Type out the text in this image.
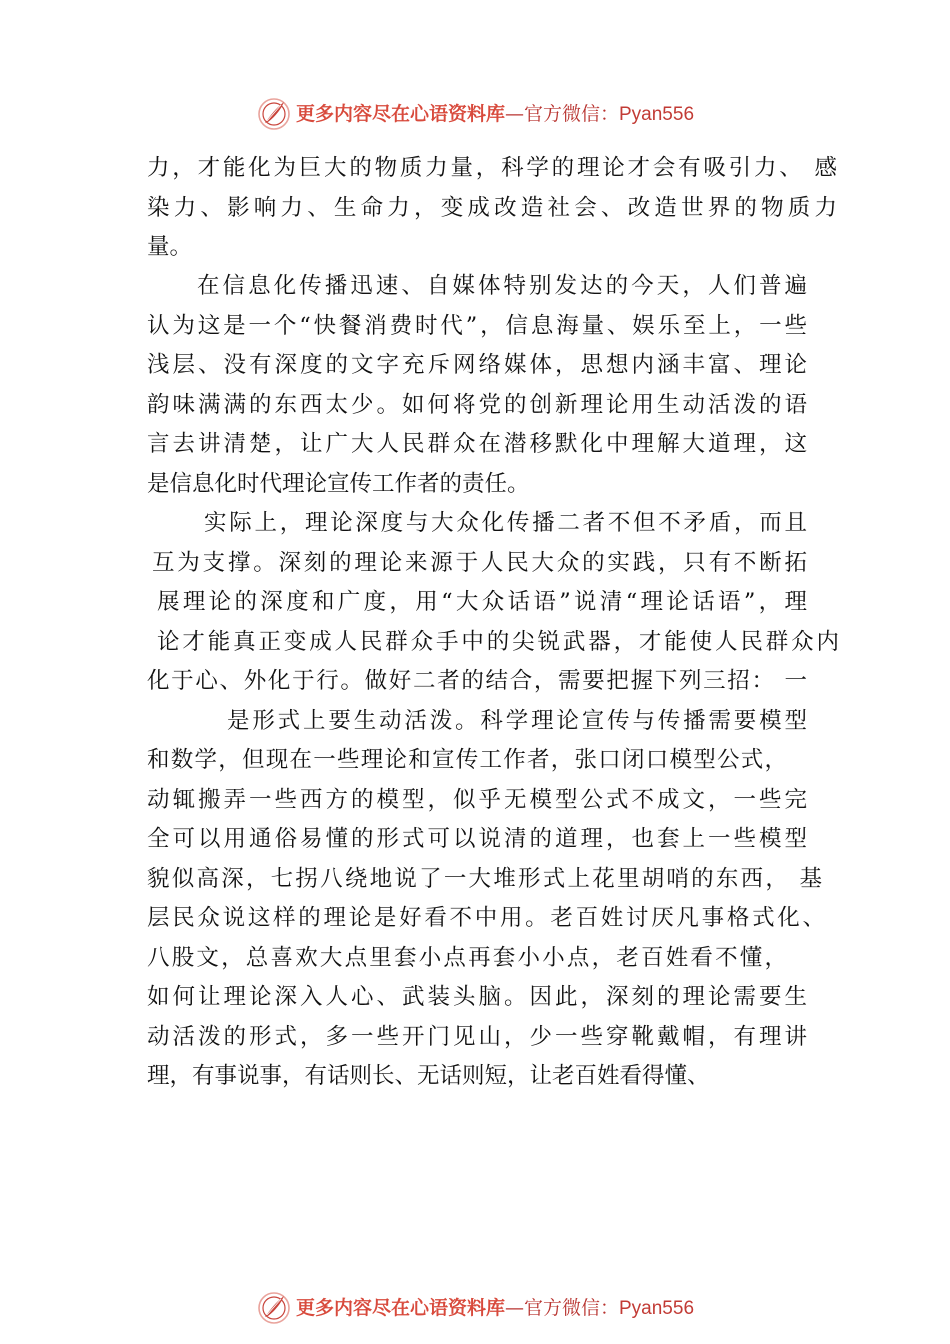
更多内容尽在心语资料库 — 官方微信： Pyan556
力，才能化为巨大的物质力量，科学的理论才会有吸引力、 感
染力、影响力、生命力，变成改造社会、改造世界的物质力
量。
在信息化传播迅速、自媒体特别发达的今天，人们普遍
认为这是一个“快餐消费时代”，信息海量、娱乐至上，一些
浅层、没有深度的文字充斥网络媒体，思想内涵丰富、理论
韵味满满的东西太少。如何将党的创新理论用生动活泼的语
言去讲清楚，让广大人民群众在潜移默化中理解大道理，这
是信息化时代理论宣传工作者的责任。
实际上，理论深度与大众化传播二者不但不矛盾，而且
互为支撑。深刻的理论来源于人民大众的实践，只有不断拓
展理论的深度和广度，用“大众话语”说清“理论话语”，理
论才能真正变成人民群众手中的尖锐武器，才能使人民群众内
化于心、外化于行。做好二者的结合，需要把握下列三招： 一
是形式上要生动活泼。科学理论宣传与传播需要模型
和数学，但现在一些理论和宣传工作者，张口闭口模型公式，
动辄搬弄一些西方的模型，似乎无模型公式不成文，一些完
全可以用通俗易懂的形式可以说清的道理，也套上一些模型
貌似高深，七拐八绕地说了一大堆形式上花里胡哨的东西， 基
层民众说这样的理论是好看不中用。老百姓讨厌凡事格式化、
八股文，总喜欢大点里套小点再套小小点，老百姓看不懂，
如何让理论深入人心、武装头脑。因此，深刻的理论需要生
动活泼的形式，多一些开门见山，少一些穿靴戴帽，有理讲
理，有事说事，有话则长、无话则短，让老百姓看得懂、
更多内容尽在心语资料库 — 官方微信： Pyan556
